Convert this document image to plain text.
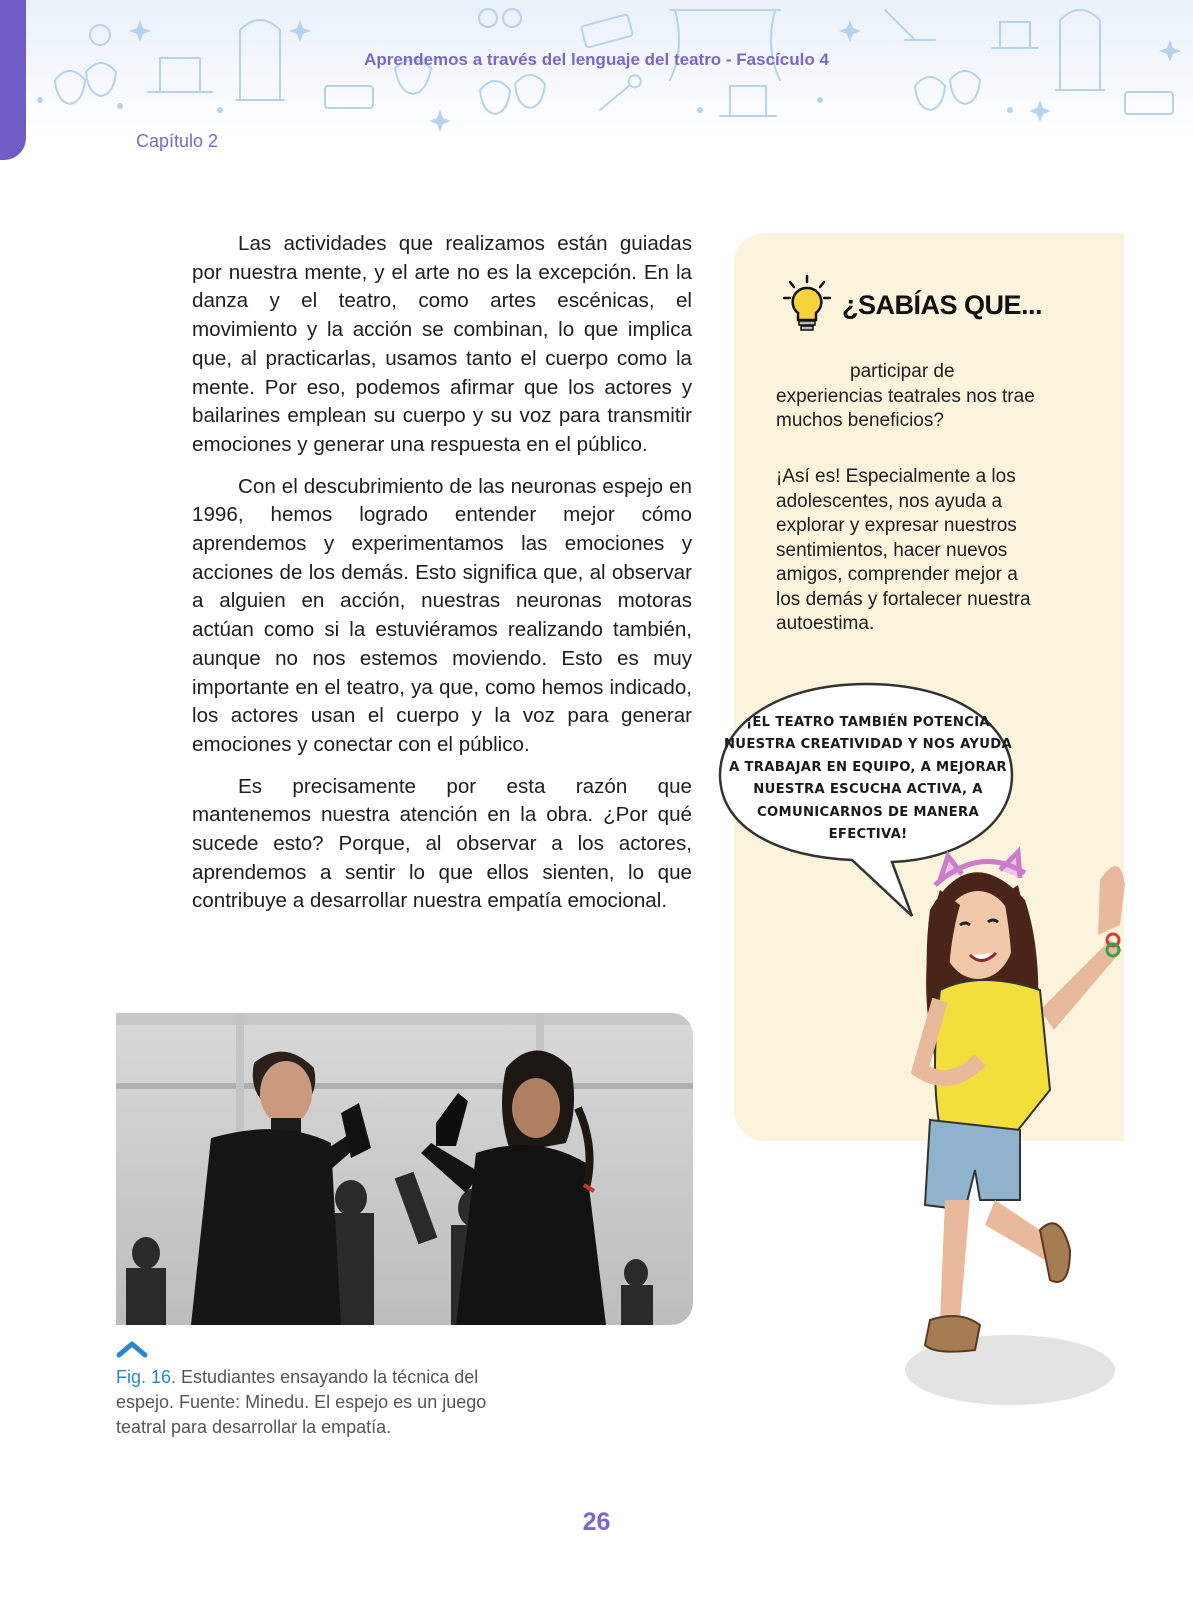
Aprendemos a través del lenguaje del teatro - Fascículo 4
Capítulo 2

Las actividades que realizamos están guiadas por nuestra mente, y el arte no es la excepción. En la danza y el teatro, como artes escénicas, el movimiento y la acción se combinan, lo que implica que, al practicarlas, usamos tanto el cuerpo como la mente. Por eso, podemos afirmar que los actores y bailarines emplean su cuerpo y su voz para transmitir emociones y generar una respuesta en el público.

Con el descubrimiento de las neuronas espejo en 1996, hemos logrado entender mejor cómo aprendemos y experimentamos las emociones y acciones de los demás. Esto significa que, al observar a alguien en acción, nuestras neuronas motoras actúan como si la estuviéramos realizando también, aunque no nos estemos moviendo. Esto es muy importante en el teatro, ya que, como hemos indicado, los actores usan el cuerpo y la voz para generar emociones y conectar con el público.

Es precisamente por esta razón que mantenemos nuestra atención en la obra. ¿Por qué sucede esto? Porque, al observar a los actores, aprendemos a sentir lo que ellos sienten, lo que contribuye a desarrollar nuestra empatía emocional.

Fig. 16. Estudiantes ensayando la técnica del espejo. Fuente: Minedu. El espejo es un juego teatral para desarrollar la empatía.
¿SABÍAS QUE...
participar de
experiencias teatrales nos trae muchos beneficios?
¡Así es! Especialmente a los adolescentes, nos ayuda a explorar y expresar nuestros sentimientos, hacer nuevos amigos, comprender mejor a los demás y fortalecer nuestra autoestima.
¡EL TEATRO TAMBIÉN POTENCIA NUESTRA CREATIVIDAD Y NOS AYUDA A TRABAJAR EN EQUIPO, A MEJORAR NUESTRA ESCUCHA ACTIVA, A COMUNICARNOS DE MANERA EFECTIVA!
26
